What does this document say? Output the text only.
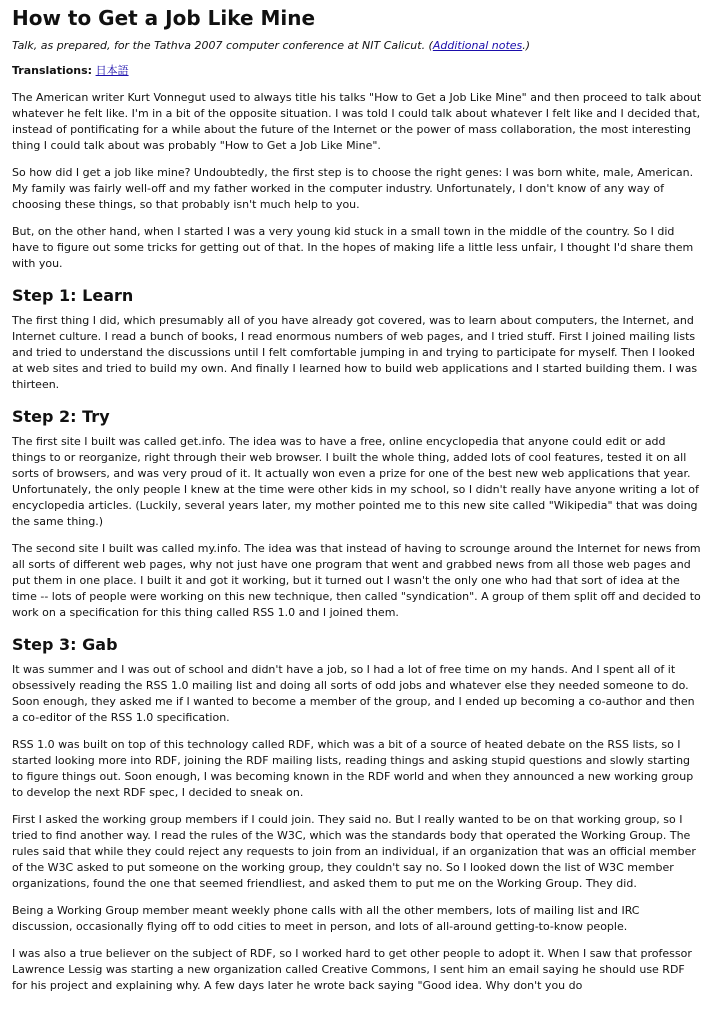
How to Get a Job Like Mine
Talk, as prepared, for the Tathva 2007 computer conference at NIT Calicut. (Additional notes.)
Translations: 日本語

The American writer Kurt Vonnegut used to always title his talks "How to Get a Job Like Mine" and then proceed to talk about whatever he felt like. I'm in a bit of the opposite situation. I was told I could talk about whatever I felt like and I decided that, instead of pontificating for a while about the future of the Internet or the power of mass collaboration, the most interesting thing I could talk about was probably "How to Get a Job Like Mine".

So how did I get a job like mine? Undoubtedly, the first step is to choose the right genes: I was born white, male, American. My family was fairly well-off and my father worked in the computer industry. Unfortunately, I don't know of any way of choosing these things, so that probably isn't much help to you.

But, on the other hand, when I started I was a very young kid stuck in a small town in the middle of the country. So I did have to figure out some tricks for getting out of that. In the hopes of making life a little less unfair, I thought I'd share them with you.

Step 1: Learn

The first thing I did, which presumably all of you have already got covered, was to learn about computers, the Internet, and Internet culture. I read a bunch of books, I read enormous numbers of web pages, and I tried stuff. First I joined mailing lists and tried to understand the discussions until I felt comfortable jumping in and trying to participate for myself. Then I looked at web sites and tried to build my own. And finally I learned how to build web applications and I started building them. I was thirteen.

Step 2: Try

The first site I built was called get.info. The idea was to have a free, online encyclopedia that anyone could edit or add things to or reorganize, right through their web browser. I built the whole thing, added lots of cool features, tested it on all sorts of browsers, and was very proud of it. It actually won even a prize for one of the best new web applications that year. Unfortunately, the only people I knew at the time were other kids in my school, so I didn't really have anyone writing a lot of encyclopedia articles. (Luckily, several years later, my mother pointed me to this new site called "Wikipedia" that was doing the same thing.)

The second site I built was called my.info. The idea was that instead of having to scrounge around the Internet for news from all sorts of different web pages, why not just have one program that went and grabbed news from all those web pages and put them in one place. I built it and got it working, but it turned out I wasn't the only one who had that sort of idea at the time -- lots of people were working on this new technique, then called "syndication". A group of them split off and decided to work on a specification for this thing called RSS 1.0 and I joined them.

Step 3: Gab

It was summer and I was out of school and didn't have a job, so I had a lot of free time on my hands. And I spent all of it obsessively reading the RSS 1.0 mailing list and doing all sorts of odd jobs and whatever else they needed someone to do. Soon enough, they asked me if I wanted to become a member of the group, and I ended up becoming a co-author and then a co-editor of the RSS 1.0 specification.

RSS 1.0 was built on top of this technology called RDF, which was a bit of a source of heated debate on the RSS lists, so I started looking more into RDF, joining the RDF mailing lists, reading things and asking stupid questions and slowly starting to figure things out. Soon enough, I was becoming known in the RDF world and when they announced a new working group to develop the next RDF spec, I decided to sneak on.

First I asked the working group members if I could join. They said no. But I really wanted to be on that working group, so I tried to find another way. I read the rules of the W3C, which was the standards body that operated the Working Group. The rules said that while they could reject any requests to join from an individual, if an organization that was an official member of the W3C asked to put someone on the working group, they couldn't say no. So I looked down the list of W3C member organizations, found the one that seemed friendliest, and asked them to put me on the Working Group. They did.

Being a Working Group member meant weekly phone calls with all the other members, lots of mailing list and IRC discussion, occasionally flying off to odd cities to meet in person, and lots of all-around getting-to-know people.

I was also a true believer on the subject of RDF, so I worked hard to get other people to adopt it. When I saw that professor Lawrence Lessig was starting a new organization called Creative Commons, I sent him an email saying he should use RDF for his project and explaining why. A few days later he wrote back saying "Good idea. Why don't you do
